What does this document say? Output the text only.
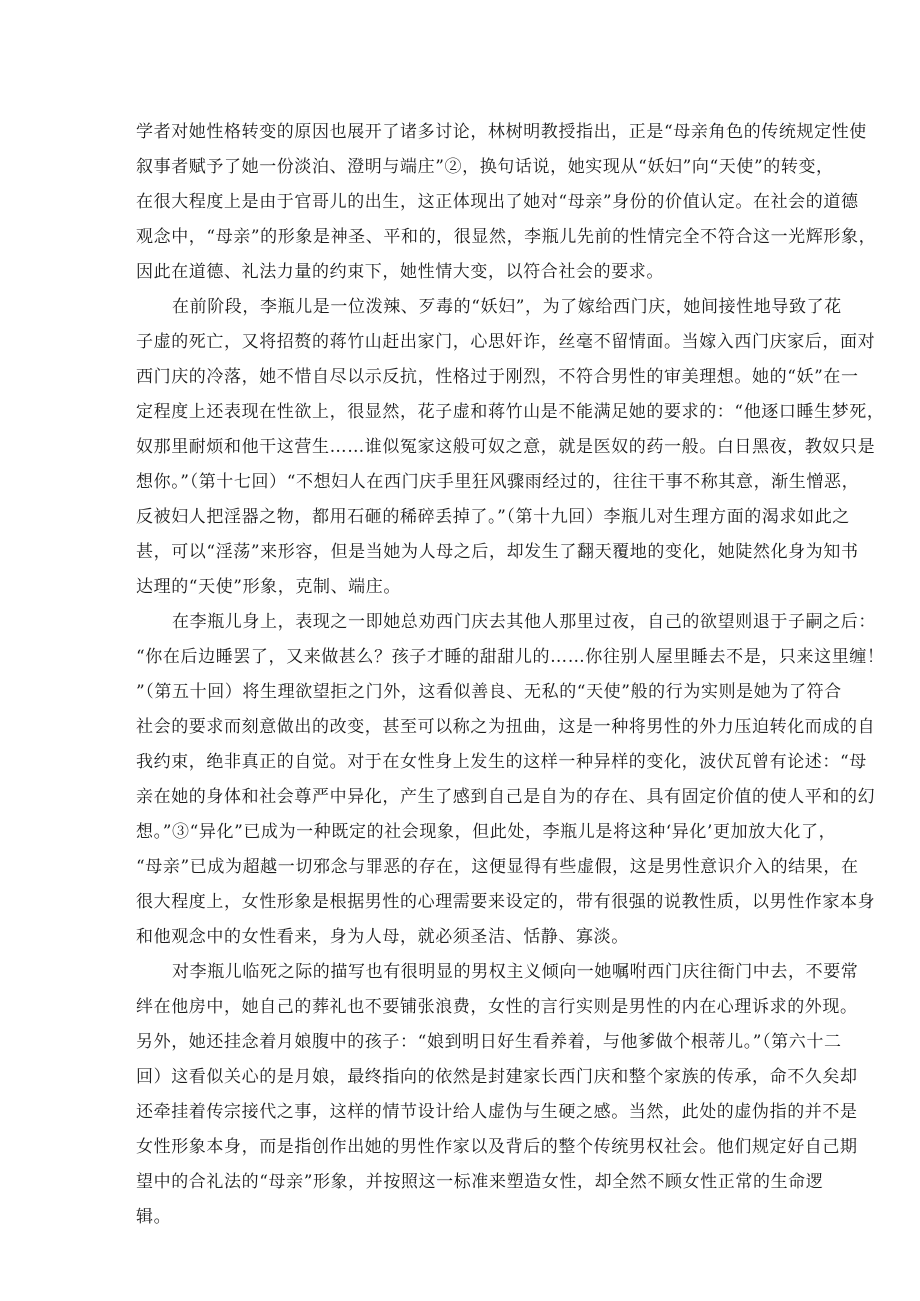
学者对她性格转变的原因也展开了诸多讨论，林树明教授指出，正是“母亲角色的传统规定性使
叙事者赋予了她一份淡泊、澄明与端庄”②，换句话说，她实现从“妖妇”向“天使”的转变，
在很大程度上是由于官哥儿的出生，这正体现出了她对“母亲”身份的价值认定。在社会的道德
观念中，“母亲”的形象是神圣、平和的，很显然，李瓶儿先前的性情完全不符合这一光辉形象，
因此在道德、礼法力量的约束下，她性情大变，以符合社会的要求。
在前阶段，李瓶儿是一位泼辣、歹毒的“妖妇”，为了嫁给西门庆，她间接性地导致了花
子虚的死亡，又将招赘的蒋竹山赶出家门，心思奸诈，丝毫不留情面。当嫁入西门庆家后，面对
西门庆的冷落，她不惜自尽以示反抗，性格过于刚烈，不符合男性的审美理想。她的“妖”在一
定程度上还表现在性欲上，很显然，花子虚和蒋竹山是不能满足她的要求的：“他逐口睡生梦死，
奴那里耐烦和他干这营生……谁似冤家这般可奴之意，就是医奴的药一般。白日黑夜，教奴只是
想你。”（第十七回）“不想妇人在西门庆手里狂风骤雨经过的，往往干事不称其意，渐生憎恶，
反被妇人把淫器之物，都用石砸的稀碎丢掉了。”（第十九回）李瓶儿对生理方面的渴求如此之
甚，可以“淫荡”来形容，但是当她为人母之后，却发生了翻天覆地的变化，她陡然化身为知书
达理的“天使”形象，克制、端庄。
在李瓶儿身上，表现之一即她总劝西门庆去其他人那里过夜，自己的欲望则退于子嗣之后：
“你在后边睡罢了，又来做甚么？孩子才睡的甜甜儿的……你往别人屋里睡去不是，只来这里缠！
”（第五十回）将生理欲望拒之门外，这看似善良、无私的“天使”般的行为实则是她为了符合
社会的要求而刻意做出的改变，甚至可以称之为扭曲，这是一种将男性的外力压迫转化而成的自
我约束，绝非真正的自觉。对于在女性身上发生的这样一种异样的变化，波伏瓦曾有论述：“母
亲在她的身体和社会尊严中异化，产生了感到自己是自为的存在、具有固定价值的使人平和的幻
想。”③“异化”已成为一种既定的社会现象，但此处，李瓶儿是将这种‘异化’更加放大化了，
“母亲”已成为超越一切邪念与罪恶的存在，这便显得有些虚假，这是男性意识介入的结果，在
很大程度上，女性形象是根据男性的心理需要来设定的，带有很强的说教性质，以男性作家本身
和他观念中的女性看来，身为人母，就必须圣洁、恬静、寡淡。
对李瓶儿临死之际的描写也有很明显的男权主义倾向一她嘱咐西门庆往衙门中去，不要常
绊在他房中，她自己的葬礼也不要铺张浪费，女性的言行实则是男性的内在心理诉求的外现。
另外，她还挂念着月娘腹中的孩子：“娘到明日好生看养着，与他爹做个根蒂儿。”（第六十二
回）这看似关心的是月娘，最终指向的依然是封建家长西门庆和整个家族的传承，命不久矣却
还牵挂着传宗接代之事，这样的情节设计给人虚伪与生硬之感。当然，此处的虚伪指的并不是
女性形象本身，而是指创作出她的男性作家以及背后的整个传统男权社会。他们规定好自己期
望中的合礼法的“母亲”形象，并按照这一标准来塑造女性，却全然不顾女性正常的生命逻
辑。
